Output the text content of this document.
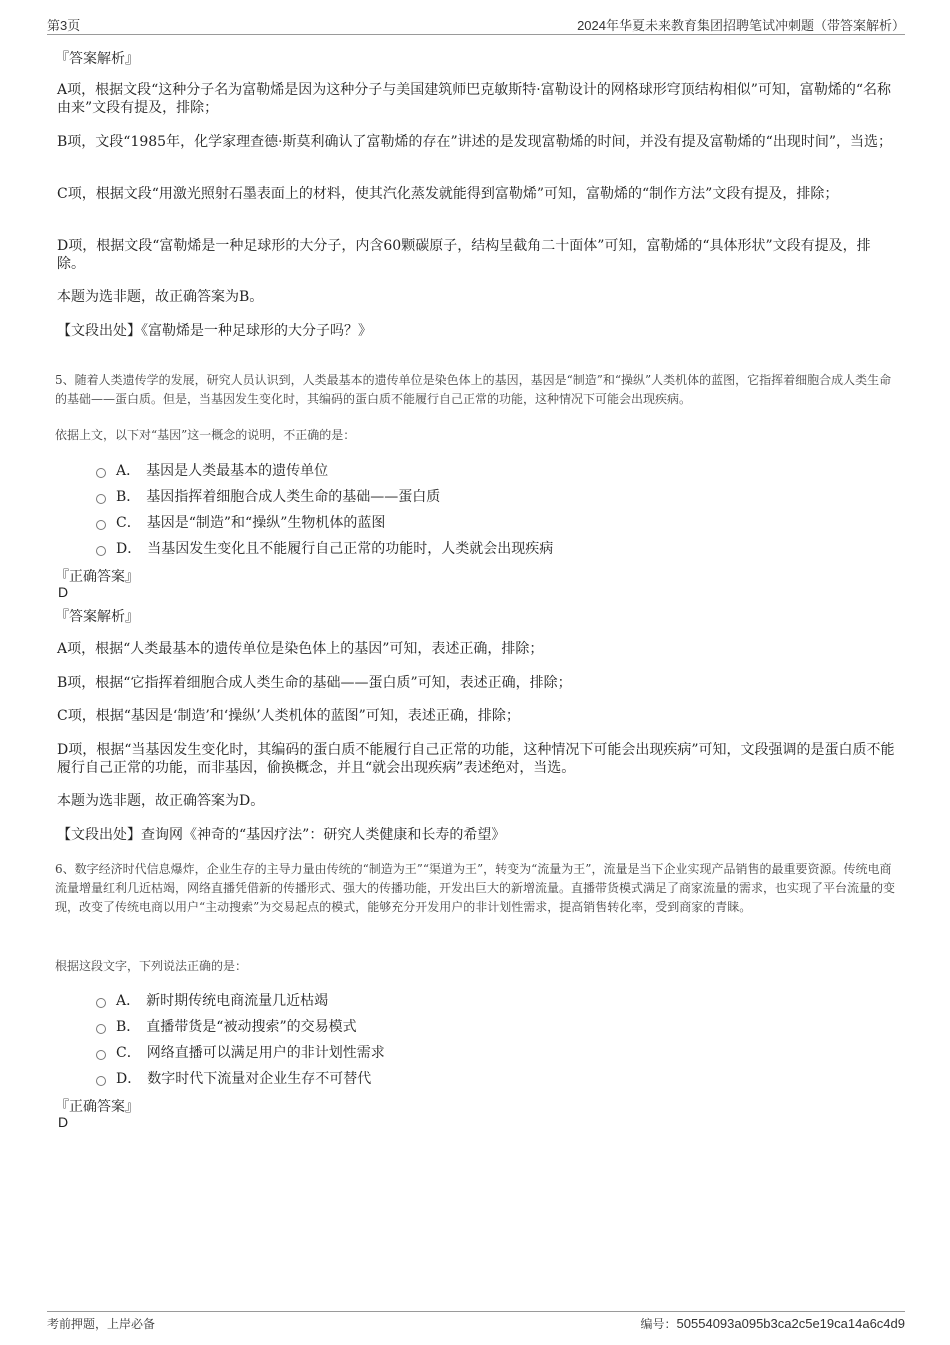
第3页	2024年华夏未来教育集团招聘笔试冲刺题（带答案解析）
『答案解析』
A项，根据文段“这种分子名为富勒烯是因为这种分子与美国建筑师巴克敏斯特·富勒设计的网格球形穹顶结构相似”可知，富勒烯的“名称由来”文段有提及，排除；
B项，文段“1985年，化学家理查德·斯莫利确认了富勒烯的存在”讲述的是发现富勒烯的时间，并没有提及富勒烯的“出现时间”，当选；
C项，根据文段“用激光照射石墨表面上的材料，使其汽化蒸发就能得到富勒烯”可知，富勒烯的“制作方法”文段有提及，排除；
D项，根据文段“富勒烯是一种足球形的大分子，内含60颗碳原子，结构呈截角二十面体”可知，富勒烯的“具体形状”文段有提及，排除。
本题为选非题，故正确答案为B。
【文段出处】《富勒烯是一种足球形的大分子吗？》
5、随着人类遗传学的发展，研究人员认识到，人类最基本的遗传单位是染色体上的基因，基因是“制造”和“操纵”人类机体的蓝图，它指挥着细胞合成人类生命的基础——蛋白质。但是，当基因发生变化时，其编码的蛋白质不能履行自己正常的功能，这种情况下可能会出现疾病。
依据上文，以下对“基因”这一概念的说明，不正确的是：
A． 基因是人类最基本的遗传单位
B． 基因指挥着细胞合成人类生命的基础——蛋白质
C． 基因是“制造”和“操纵”生物机体的蓝图
D． 当基因发生变化且不能履行自己正常的功能时，人类就会出现疾病
『正确答案』
D
『答案解析』
A项，根据“人类最基本的遗传单位是染色体上的基因”可知，表述正确，排除；
B项，根据“它指挥着细胞合成人类生命的基础——蛋白质”可知，表述正确，排除；
C项，根据“基因是‘制造’和‘操纵’人类机体的蓝图”可知，表述正确，排除；
D项，根据“当基因发生变化时，其编码的蛋白质不能履行自己正常的功能，这种情况下可能会出现疾病”可知，文段强调的是蛋白质不能履行自己正常的功能，而非基因，偷换概念，并且“就会出现疾病”表述绝对，当选。
本题为选非题，故正确答案为D。
【文段出处】查询网《神奇的“基因疗法”：研究人类健康和长寿的希望》
6、数字经济时代信息爆炸，企业生存的主导力量由传统的“制造为王”“渠道为王”，转变为“流量为王”，流量是当下企业实现产品销售的最重要资源。传统电商流量增量红利几近枯竭，网络直播凭借新的传播形式、强大的传播功能，开发出巨大的新增流量。直播带货模式满足了商家流量的需求，也实现了平台流量的变现，改变了传统电商以用户“主动搜索”为交易起点的模式，能够充分开发用户的非计划性需求，提高销售转化率，受到商家的青睐。
根据这段文字，下列说法正确的是：
A． 新时期传统电商流量几近枯竭
B． 直播带货是“被动搜索”的交易模式
C． 网络直播可以满足用户的非计划性需求
D． 数字时代下流量对企业生存不可替代
『正确答案』
D
考前押题，上岸必备	编号：50554093a095b3ca2c5e19ca14a6c4d9
